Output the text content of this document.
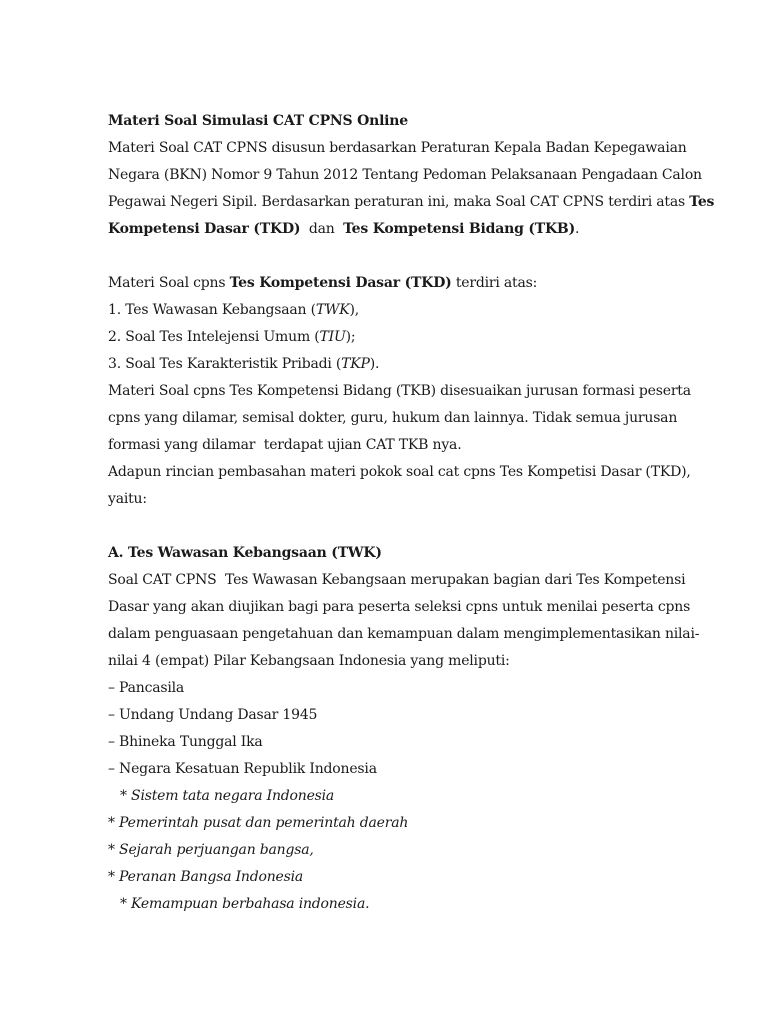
Materi Soal Simulasi CAT CPNS Online
Materi Soal CAT CPNS disusun berdasarkan Peraturan Kepala Badan Kepegawaian
Negara (BKN) Nomor 9 Tahun 2012 Tentang Pedoman Pelaksanaan Pengadaan Calon
Pegawai Negeri Sipil. Berdasarkan peraturan ini, maka Soal CAT CPNS terdiri atas Tes
Kompetensi Dasar (TKD)  dan  Tes Kompetensi Bidang (TKB).
Materi Soal cpns Tes Kompetensi Dasar (TKD) terdiri atas:
1. Tes Wawasan Kebangsaan (TWK),
2. Soal Tes Intelejensi Umum (TIU);
3. Soal Tes Karakteristik Pribadi (TKP).
Materi Soal cpns Tes Kompetensi Bidang (TKB) disesuaikan jurusan formasi peserta
cpns yang dilamar, semisal dokter, guru, hukum dan lainnya. Tidak semua jurusan
formasi yang dilamar  terdapat ujian CAT TKB nya.
Adapun rincian pembasahan materi pokok soal cat cpns Tes Kompetisi Dasar (TKD),
yaitu:
A. Tes Wawasan Kebangsaan (TWK)
Soal CAT CPNS  Tes Wawasan Kebangsaan merupakan bagian dari Tes Kompetensi
Dasar yang akan diujikan bagi para peserta seleksi cpns untuk menilai peserta cpns
dalam penguasaan pengetahuan dan kemampuan dalam mengimplementasikan nilai-
nilai 4 (empat) Pilar Kebangsaan Indonesia yang meliputi:
– Pancasila
– Undang Undang Dasar 1945
– Bhineka Tunggal Ika
– Negara Kesatuan Republik Indonesia
* Sistem tata negara Indonesia
* Pemerintah pusat dan pemerintah daerah
* Sejarah perjuangan bangsa,
* Peranan Bangsa Indonesia
* Kemampuan berbahasa indonesia.
